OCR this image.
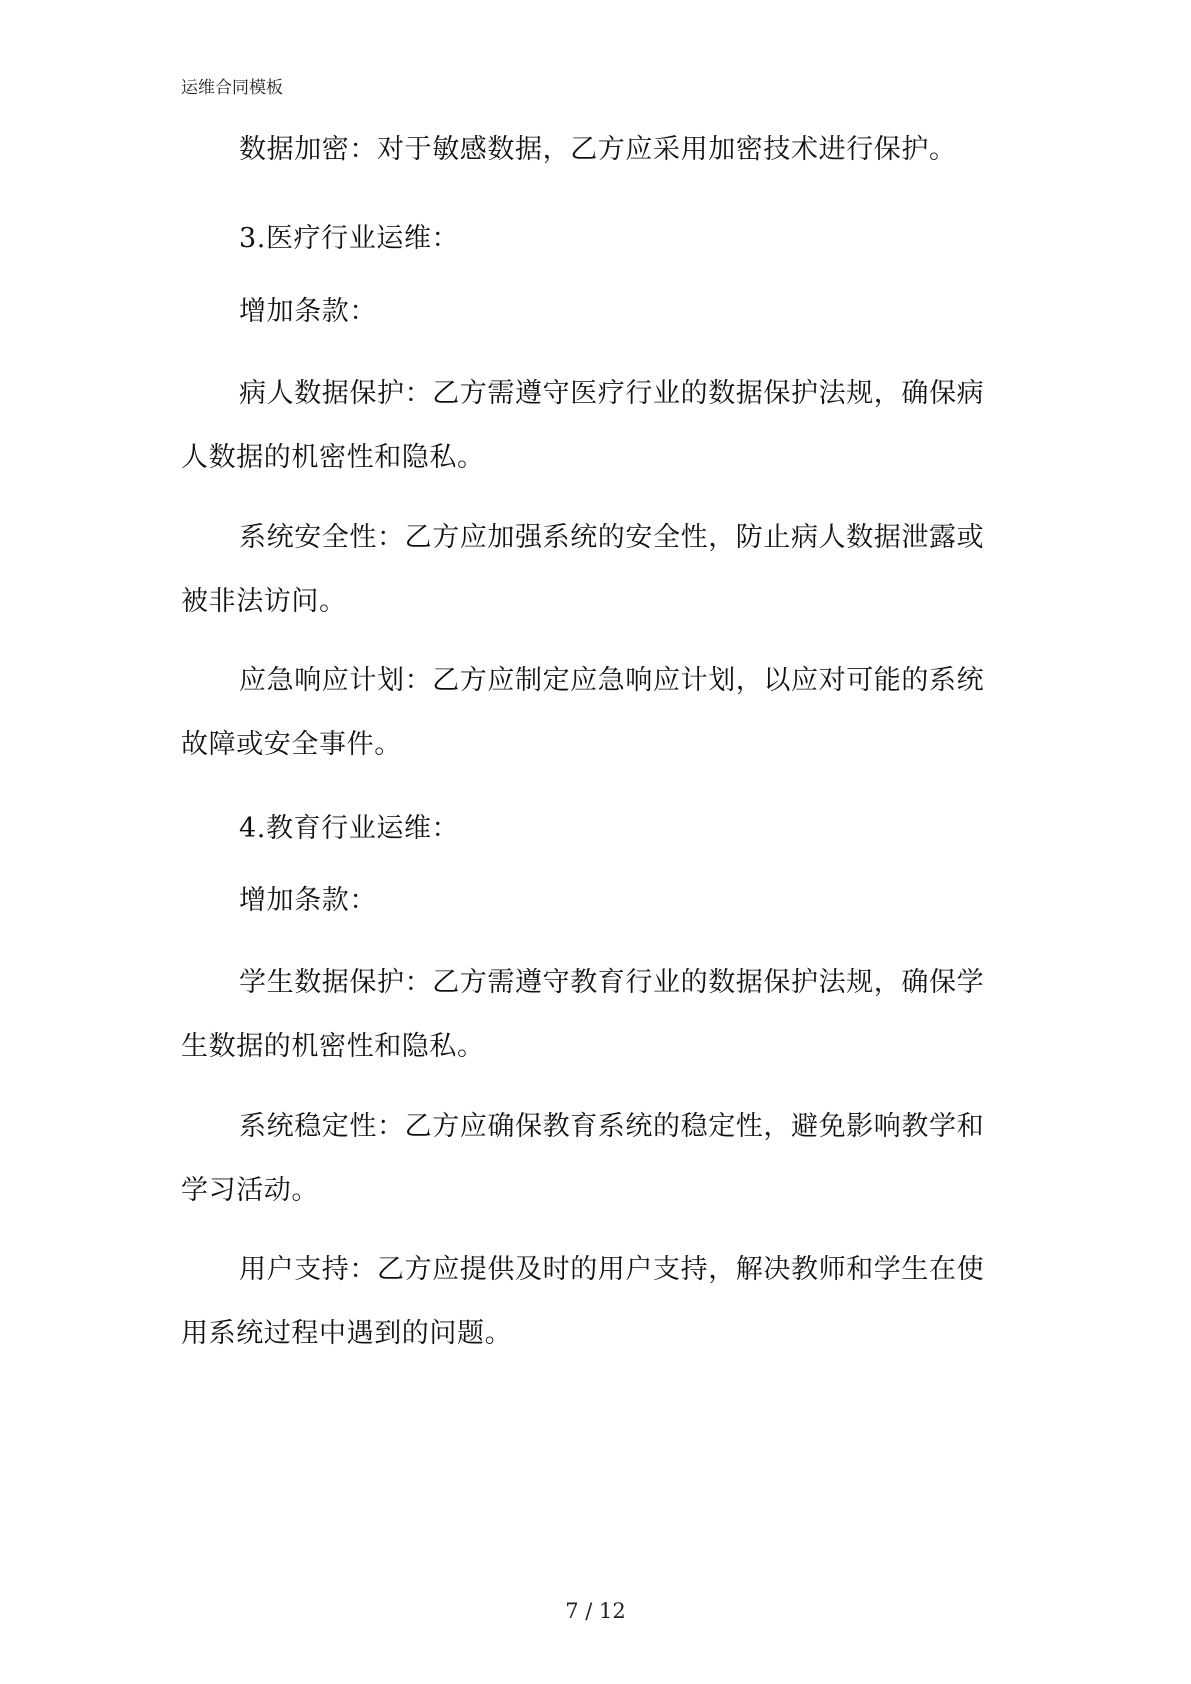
运维合同模板

数据加密：对于敏感数据，乙方应采用加密技术进行保护。

3.医疗行业运维：

增加条款：

病人数据保护：乙方需遵守医疗行业的数据保护法规，确保病
人数据的机密性和隐私。

系统安全性：乙方应加强系统的安全性，防止病人数据泄露或
被非法访问。

应急响应计划：乙方应制定应急响应计划，以应对可能的系统
故障或安全事件。

4.教育行业运维：

增加条款：

学生数据保护：乙方需遵守教育行业的数据保护法规，确保学
生数据的机密性和隐私。

系统稳定性：乙方应确保教育系统的稳定性，避免影响教学和
学习活动。

用户支持：乙方应提供及时的用户支持，解决教师和学生在使
用系统过程中遇到的问题。

7 / 12
